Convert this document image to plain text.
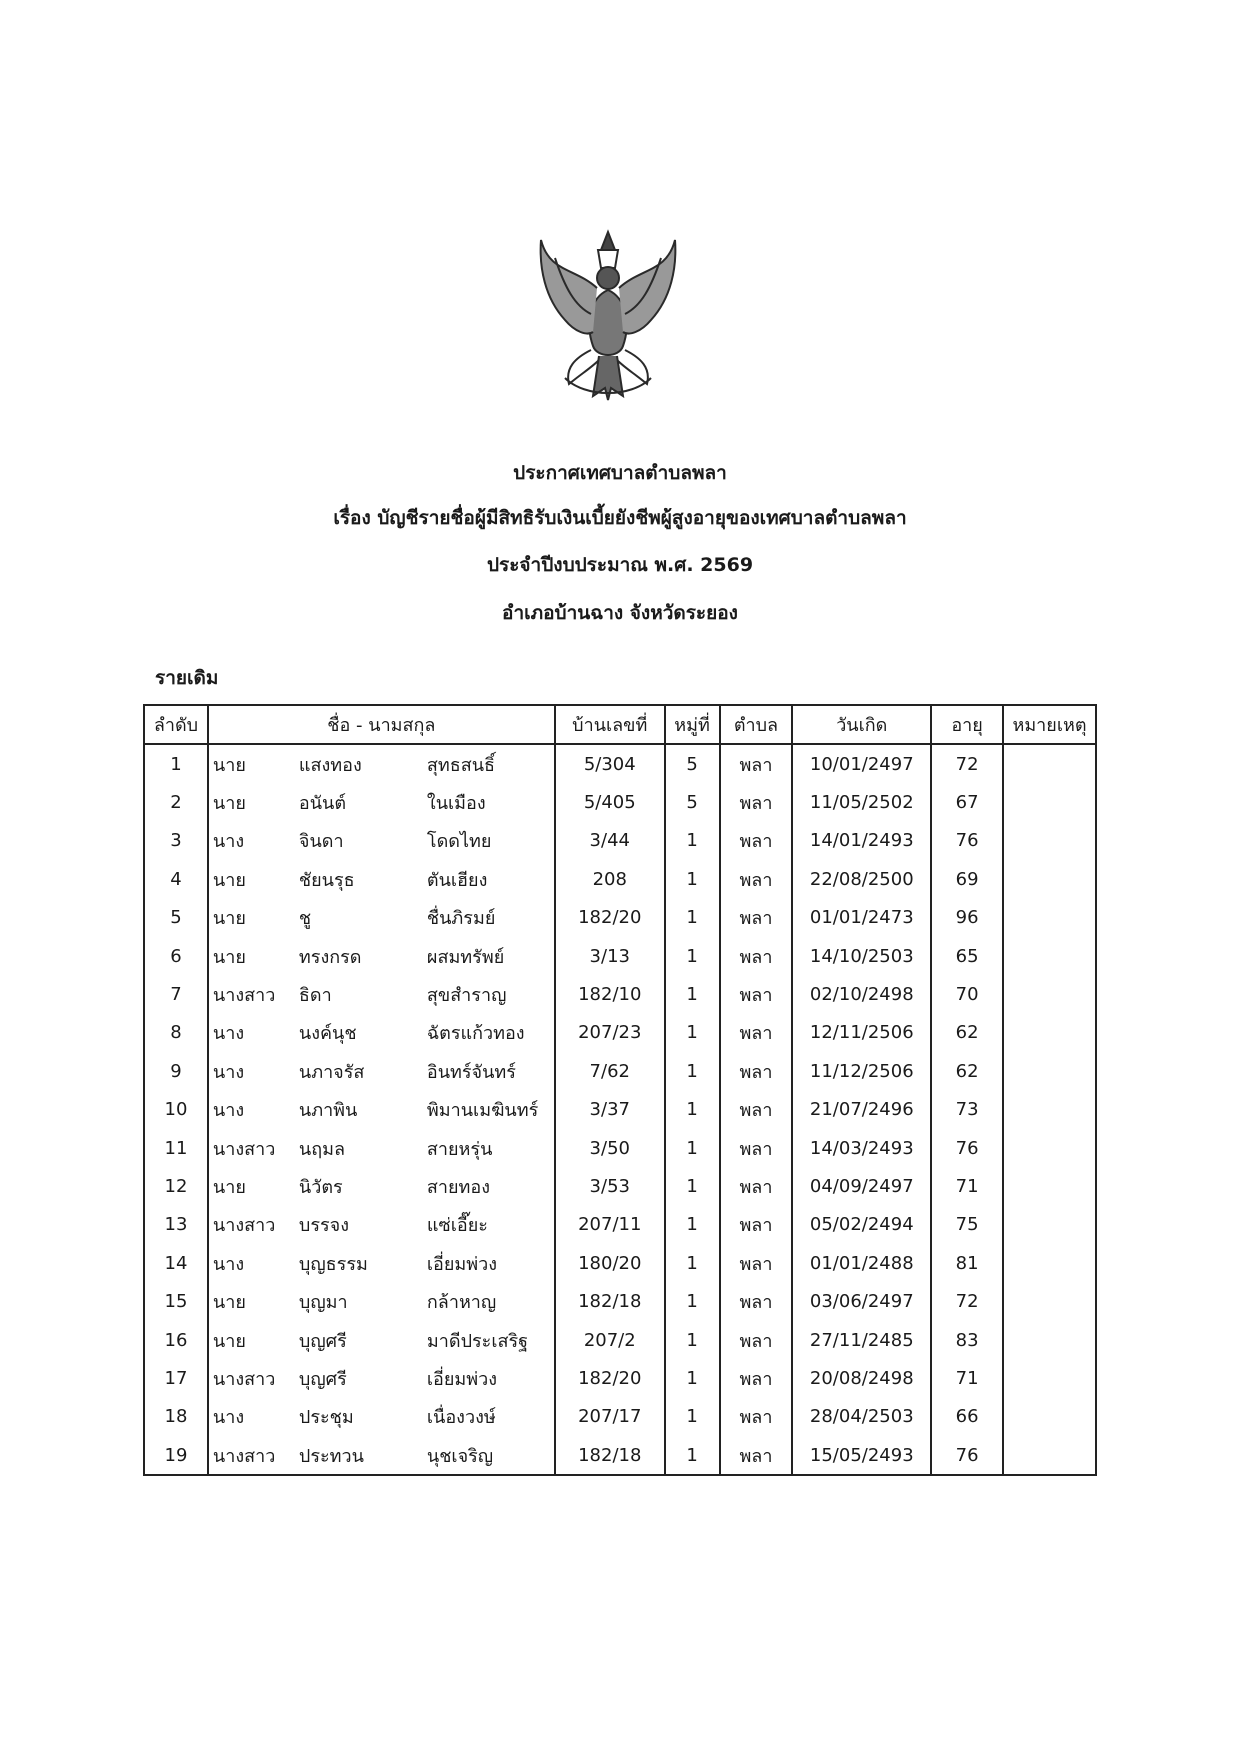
ประกาศเทศบาลตำบลพลา
เรื่อง บัญชีรายชื่อผู้มีสิทธิรับเงินเบี้ยยังชีพผู้สูงอายุของเทศบาลตำบลพลา
ประจำปีงบประมาณ พ.ศ. 2569
อำเภอบ้านฉาง จังหวัดระยอง
รายเดิม
ลำดับ	ชื่อ - นามสกุล	บ้านเลขที่	หมู่ที่	ตำบล	วันเกิด	อายุ	หมายเหตุ
1	นาย แสงทอง สุทธสนธิ์	5/304	5	พลา	10/01/2497	72	
2	นาย อนันต์ ในเมือง	5/405	5	พลา	11/05/2502	67	
3	นาง จินดา โดดไทย	3/44	1	พลา	14/01/2493	76	
4	นาย ชัยนรุธ ตันเฮียง	208	1	พลา	22/08/2500	69	
5	นาย ชู ชื่นภิรมย์	182/20	1	พลา	01/01/2473	96	
6	นาย ทรงกรด ผสมทรัพย์	3/13	1	พลา	14/10/2503	65	
7	นางสาว ธิดา สุขสำราญ	182/10	1	พลา	02/10/2498	70	
8	นาง นงค์นุช ฉัตรแก้วทอง	207/23	1	พลา	12/11/2506	62	
9	นาง นภาจรัส อินทร์จันทร์	7/62	1	พลา	11/12/2506	62	
10	นาง นภาพิน พิมานเมฆินทร์	3/37	1	พลา	21/07/2496	73	
11	นางสาว นฤมล สายหรุ่น	3/50	1	พลา	14/03/2493	76	
12	นาย นิวัตร สายทอง	3/53	1	พลา	04/09/2497	71	
13	นางสาว บรรจง แซ่เอี๊ยะ	207/11	1	พลา	05/02/2494	75	
14	นาง บุญธรรม เอี่ยมพ่วง	180/20	1	พลา	01/01/2488	81	
15	นาย บุญมา กล้าหาญ	182/18	1	พลา	03/06/2497	72	
16	นาย บุญศรี มาดีประเสริฐ	207/2	1	พลา	27/11/2485	83	
17	นางสาว บุญศรี เอี่ยมพ่วง	182/20	1	พลา	20/08/2498	71	
18	นาง ประชุม เนื่องวงษ์	207/17	1	พลา	28/04/2503	66	
19	นางสาว ประทวน นุชเจริญ	182/18	1	พลา	15/05/2493	76	
